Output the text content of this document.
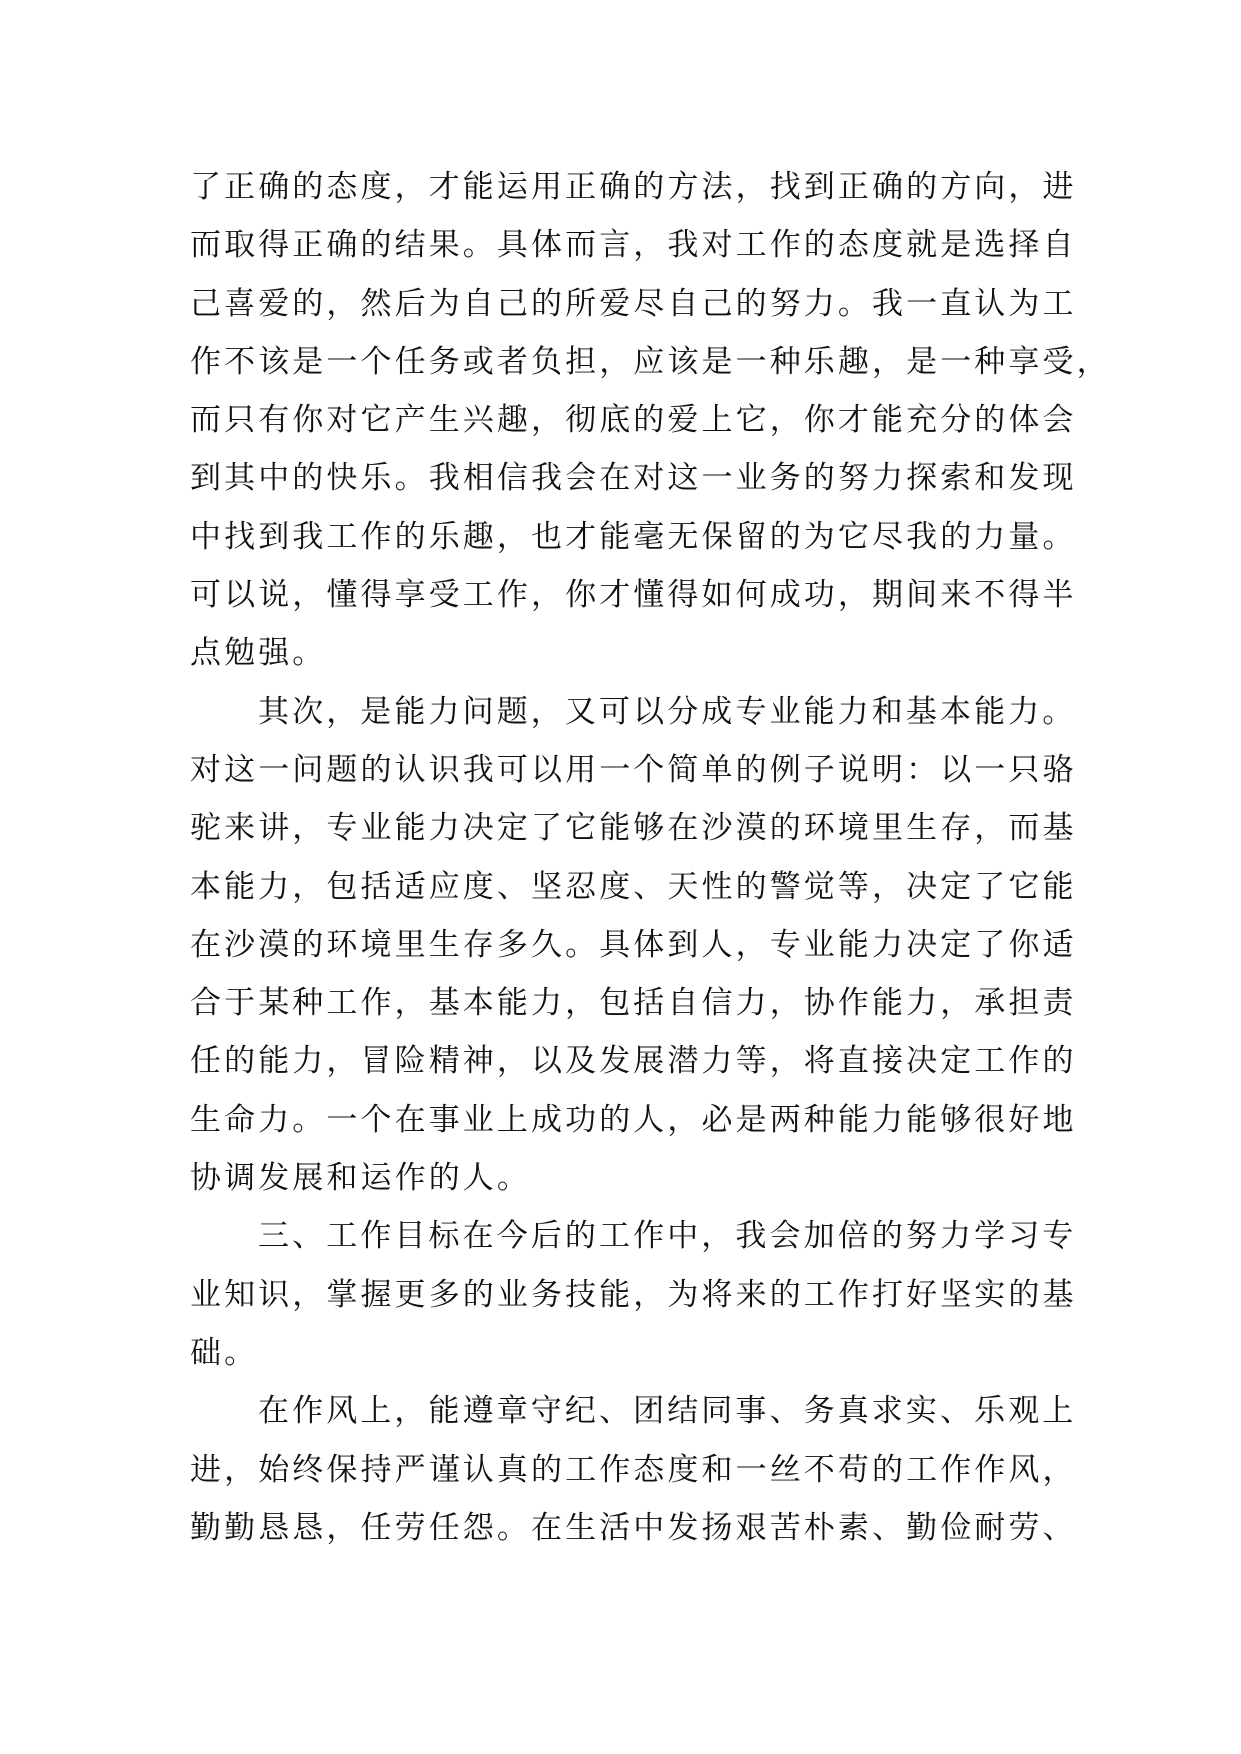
了正确的态度，才能运用正确的方法，找到正确的方向，进
而取得正确的结果。具体而言，我对工作的态度就是选择自
己喜爱的，然后为自己的所爱尽自己的努力。我一直认为工
作不该是一个任务或者负担，应该是一种乐趣，是一种享受，
而只有你对它产生兴趣，彻底的爱上它，你才能充分的体会
到其中的快乐。我相信我会在对这一业务的努力探索和发现
中找到我工作的乐趣，也才能毫无保留的为它尽我的力量。
可以说，懂得享受工作，你才懂得如何成功，期间来不得半
点勉强。

其次，是能力问题，又可以分成专业能力和基本能力。
对这一问题的认识我可以用一个简单的例子说明：以一只骆
驼来讲，专业能力决定了它能够在沙漠的环境里生存，而基
本能力，包括适应度、坚忍度、天性的警觉等，决定了它能
在沙漠的环境里生存多久。具体到人，专业能力决定了你适
合于某种工作，基本能力，包括自信力，协作能力，承担责
任的能力，冒险精神，以及发展潜力等，将直接决定工作的
生命力。一个在事业上成功的人，必是两种能力能够很好地
协调发展和运作的人。

三、工作目标在今后的工作中，我会加倍的努力学习专
业知识，掌握更多的业务技能，为将来的工作打好坚实的基
础。

在作风上，能遵章守纪、团结同事、务真求实、乐观上
进，始终保持严谨认真的工作态度和一丝不苟的工作作风，
勤勤恳恳，任劳任怨。在生活中发扬艰苦朴素、勤俭耐劳、
